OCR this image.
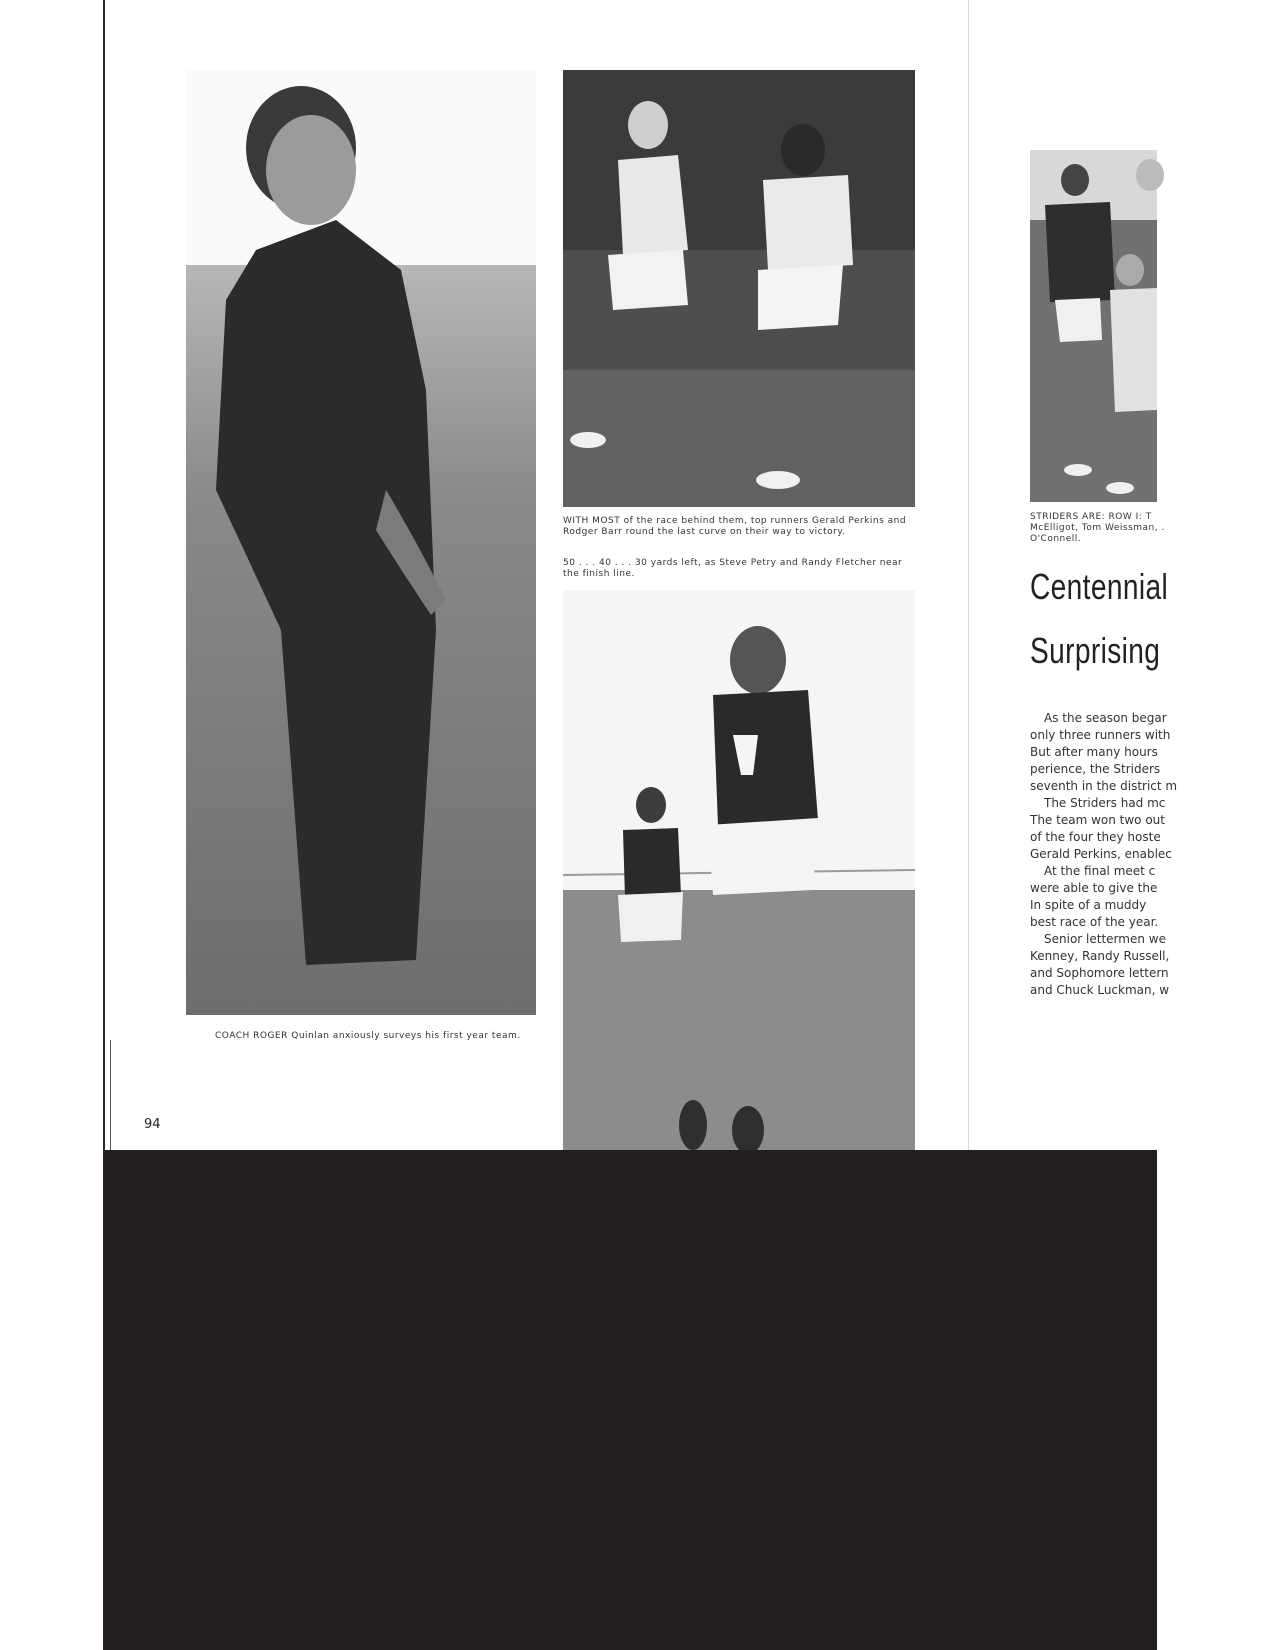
COACH ROGER Quinlan anxiously surveys his first year team.
WITH MOST of the race behind them, top runners Gerald Perkins and Rodger Barr round the last curve on their way to victory.
50 . . . 40 . . . 30 yards left, as Steve Petry and Randy Fletcher near the finish line.
STRIDERS ARE: ROW I: T
McElligot, Tom Weissman, .
O'Connell.
Centennial
Surprising
As the season begar
only three runners with
But after many hours
perience, the Striders
seventh in the district m
The Striders had mc
The team won two out
of the four they hoste
Gerald Perkins, enablec
At the final meet c
were able to give the
In spite of a muddy
best race of the year.
Senior lettermen we
Kenney, Randy Russell,
and Sophomore lettern
and Chuck Luckman, w
94
